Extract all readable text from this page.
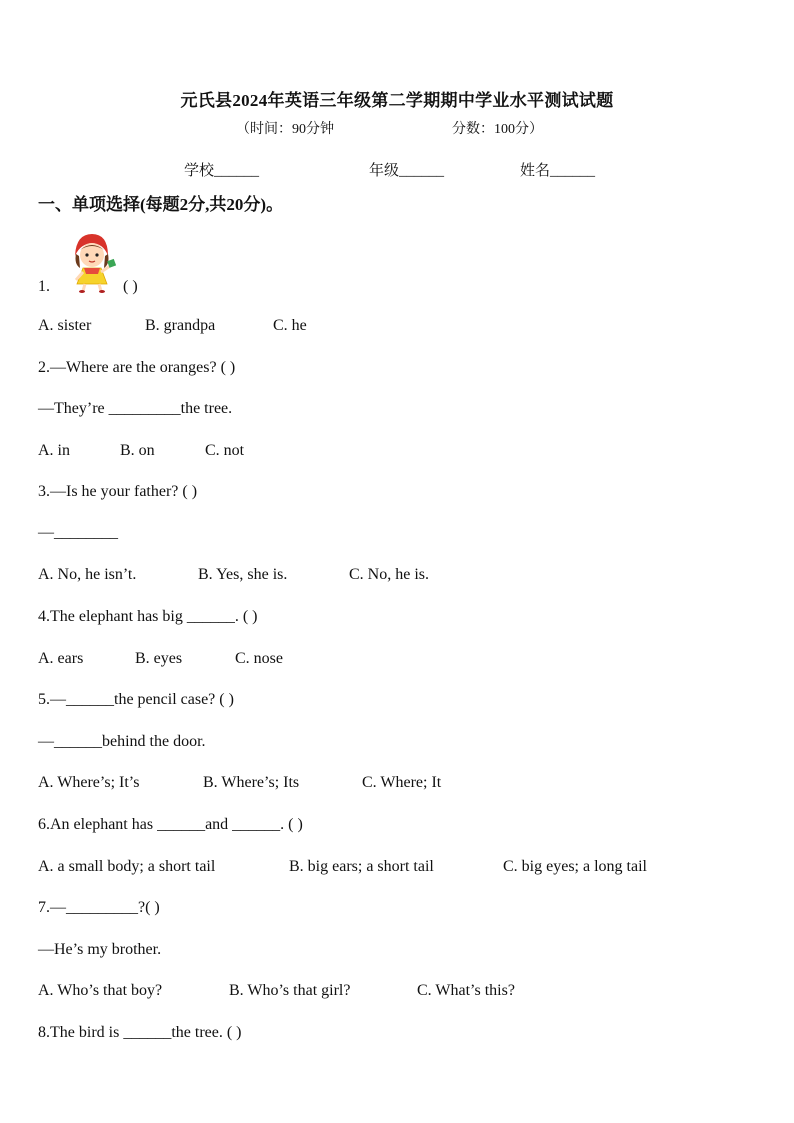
元氏县2024年英语三年级第二学期期中学业水平测试试题
（时间：90分钟	分数：100分）
学校______	年级______	姓名______
一、单项选择(每题2分,共20分)。
1.	( )
A. sister	B. grandpa	C. he
2.—Where are the oranges? ( )
—They’re _________the tree.
A. in	B. on	C. not
3.—Is he your father? ( )
—________
A. No, he isn’t.	B. Yes, she is.	C. No, he is.
4.The elephant has big ______. ( )
A. ears	B. eyes	C. nose
5.—______the pencil case? ( )
—______behind the door.
A. Where’s; It’s	B. Where’s; Its	C. Where; It
6.An elephant has ______and ______. ( )
A. a small body; a short tail	B. big ears; a short tail	C. big eyes; a long tail
7.—_________?( )
—He’s my brother.
A. Who’s that boy?	B. Who’s that girl?	C. What’s this?
8.The bird is ______the tree. ( )
